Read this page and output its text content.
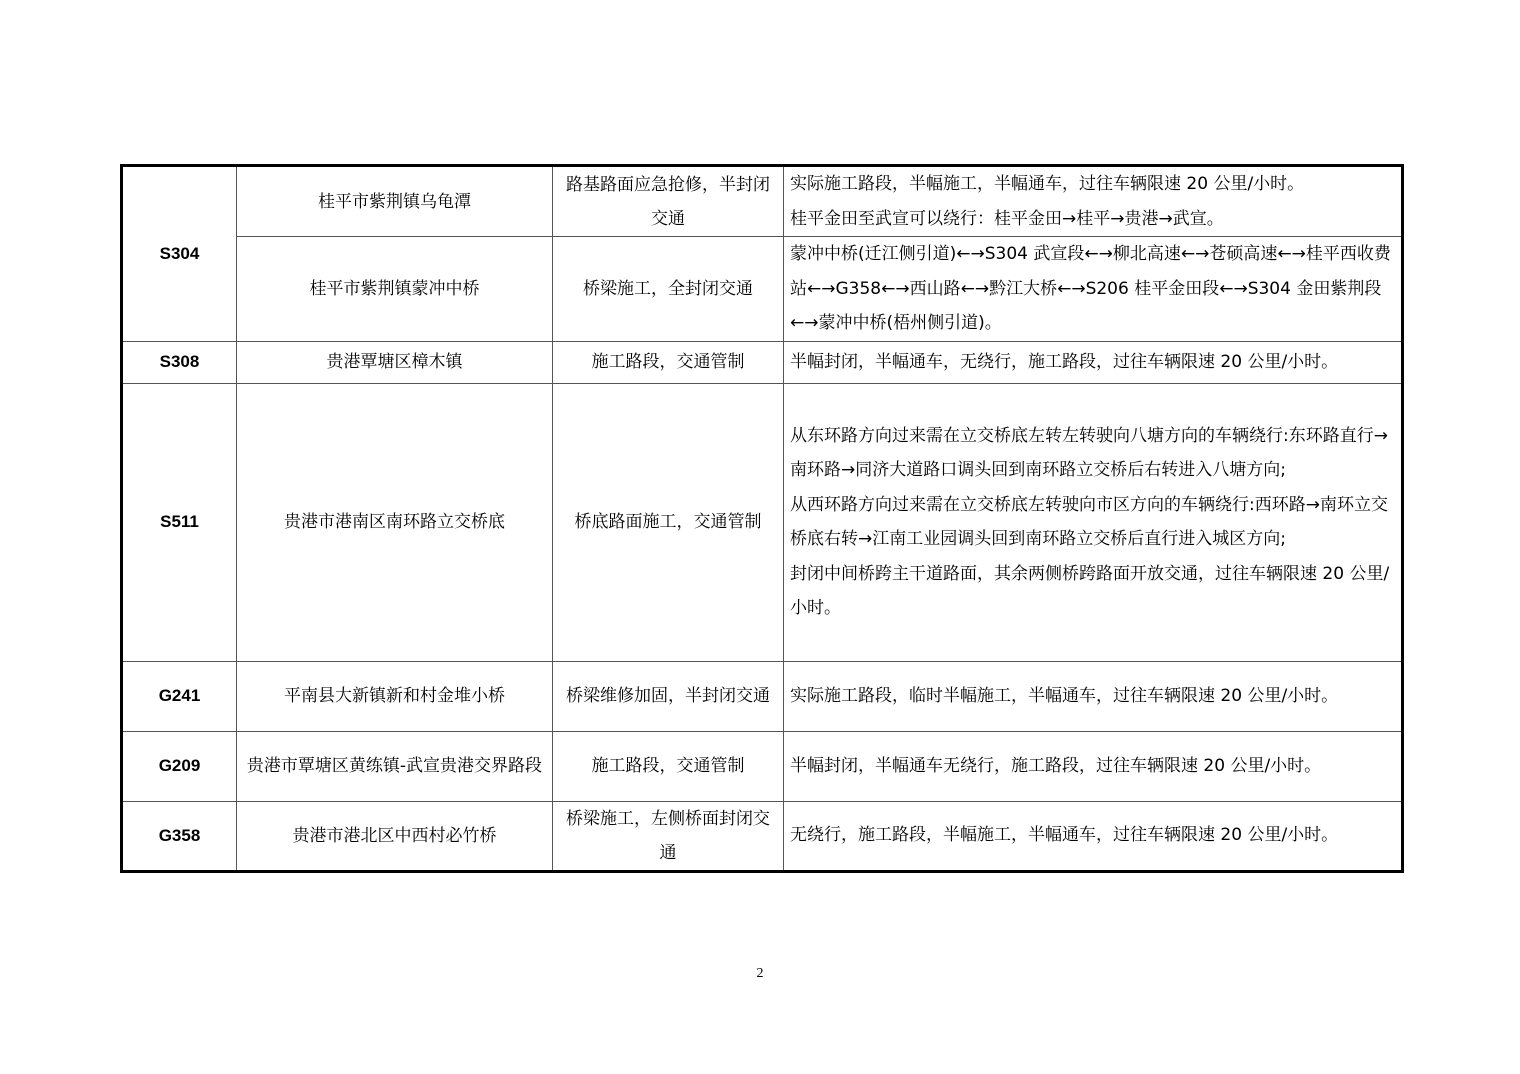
S304	桂平市紫荆镇乌龟潭	路基路面应急抢修，半封闭交通	实际施工路段，半幅施工，半幅通车，过往车辆限速 20 公里/小时。
桂平金田至武宣可以绕行：桂平金田→桂平→贵港→武宣。

	桂平市紫荆镇蒙冲中桥	桥梁施工，全封闭交通	蒙冲中桥(迁江侧引道)←→S304 武宣段←→柳北高速←→苍硕高速←→桂平西收费站←→G358←→西山路←→黔江大桥←→S206 桂平金田段←→S304 金田紫荆段←→蒙冲中桥(梧州侧引道)。

S308	贵港覃塘区樟木镇	施工路段，交通管制	半幅封闭，半幅通车，无绕行，施工路段，过往车辆限速 20 公里/小时。

S511	贵港市港南区南环路立交桥底	桥底路面施工，交通管制	从东环路方向过来需在立交桥底左转左转驶向八塘方向的车辆绕行:东环路直行→南环路→同济大道路口调头回到南环路立交桥后右转进入八塘方向;
从西环路方向过来需在立交桥底左转驶向市区方向的车辆绕行:西环路→南环立交桥底右转→江南工业园调头回到南环路立交桥后直行进入城区方向;
封闭中间桥跨主干道路面，其余两侧桥跨路面开放交通，过往车辆限速 20 公里/小时。

G241	平南县大新镇新和村金堆小桥	桥梁维修加固，半封闭交通	实际施工路段，临时半幅施工，半幅通车，过往车辆限速 20 公里/小时。

G209	贵港市覃塘区黄练镇-武宣贵港交界路段	施工路段，交通管制	半幅封闭，半幅通车无绕行，施工路段，过往车辆限速 20 公里/小时。

G358	贵港市港北区中西村必竹桥	桥梁施工，左侧桥面封闭交通	无绕行，施工路段，半幅施工，半幅通车，过往车辆限速 20 公里/小时。
2
